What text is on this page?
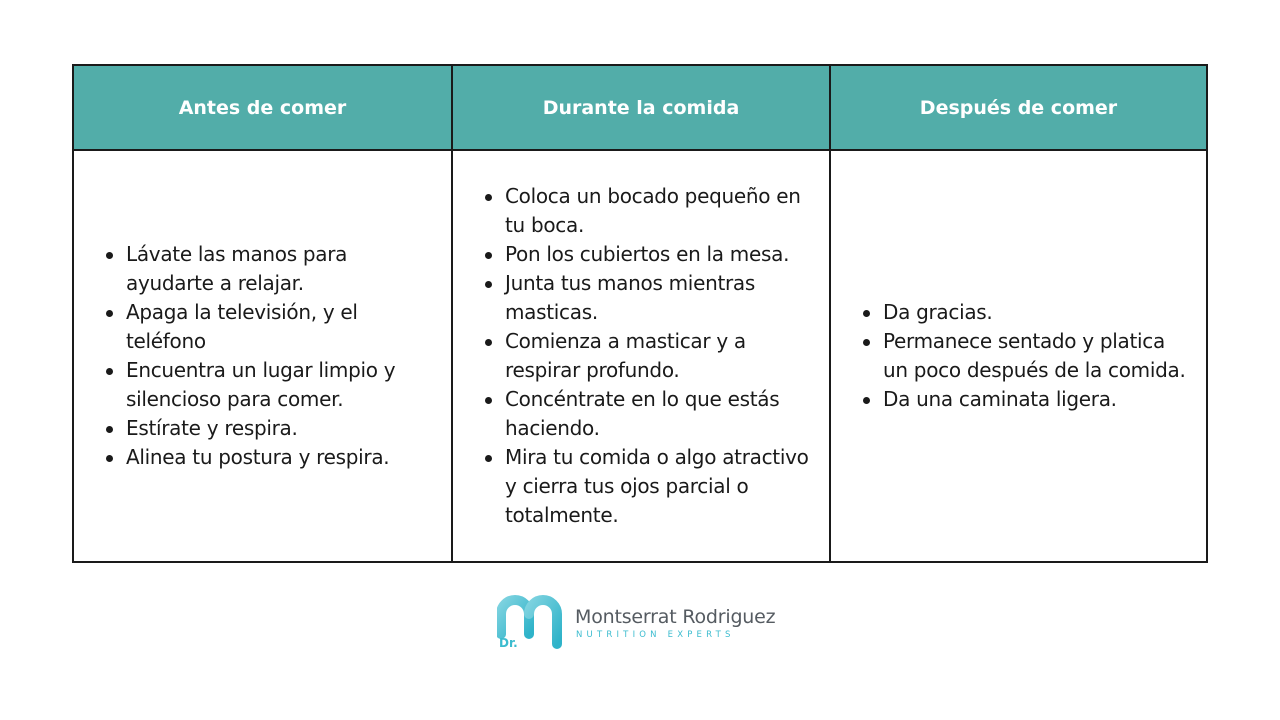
Antes de comer	Durante la comida	Después de comer
Lávate las manos para ayudarte a relajar.
Apaga la televisión, y el teléfono
Encuentra un lugar limpio y silencioso para comer.
Estírate y respira.
Alinea tu postura y respira.
Coloca un bocado pequeño en tu boca.
Pon los cubiertos en la mesa.
Junta tus manos mientras masticas.
Comienza a masticar y a respirar profundo.
Concéntrate en lo que estás haciendo.
Mira tu comida o algo atractivo y cierra tus ojos parcial o totalmente.
Da gracias.
Permanece sentado y platica un poco después de la comida.
Da una caminata ligera.
Dr.
Montserrat Rodriguez
NUTRITION EXPERTS
